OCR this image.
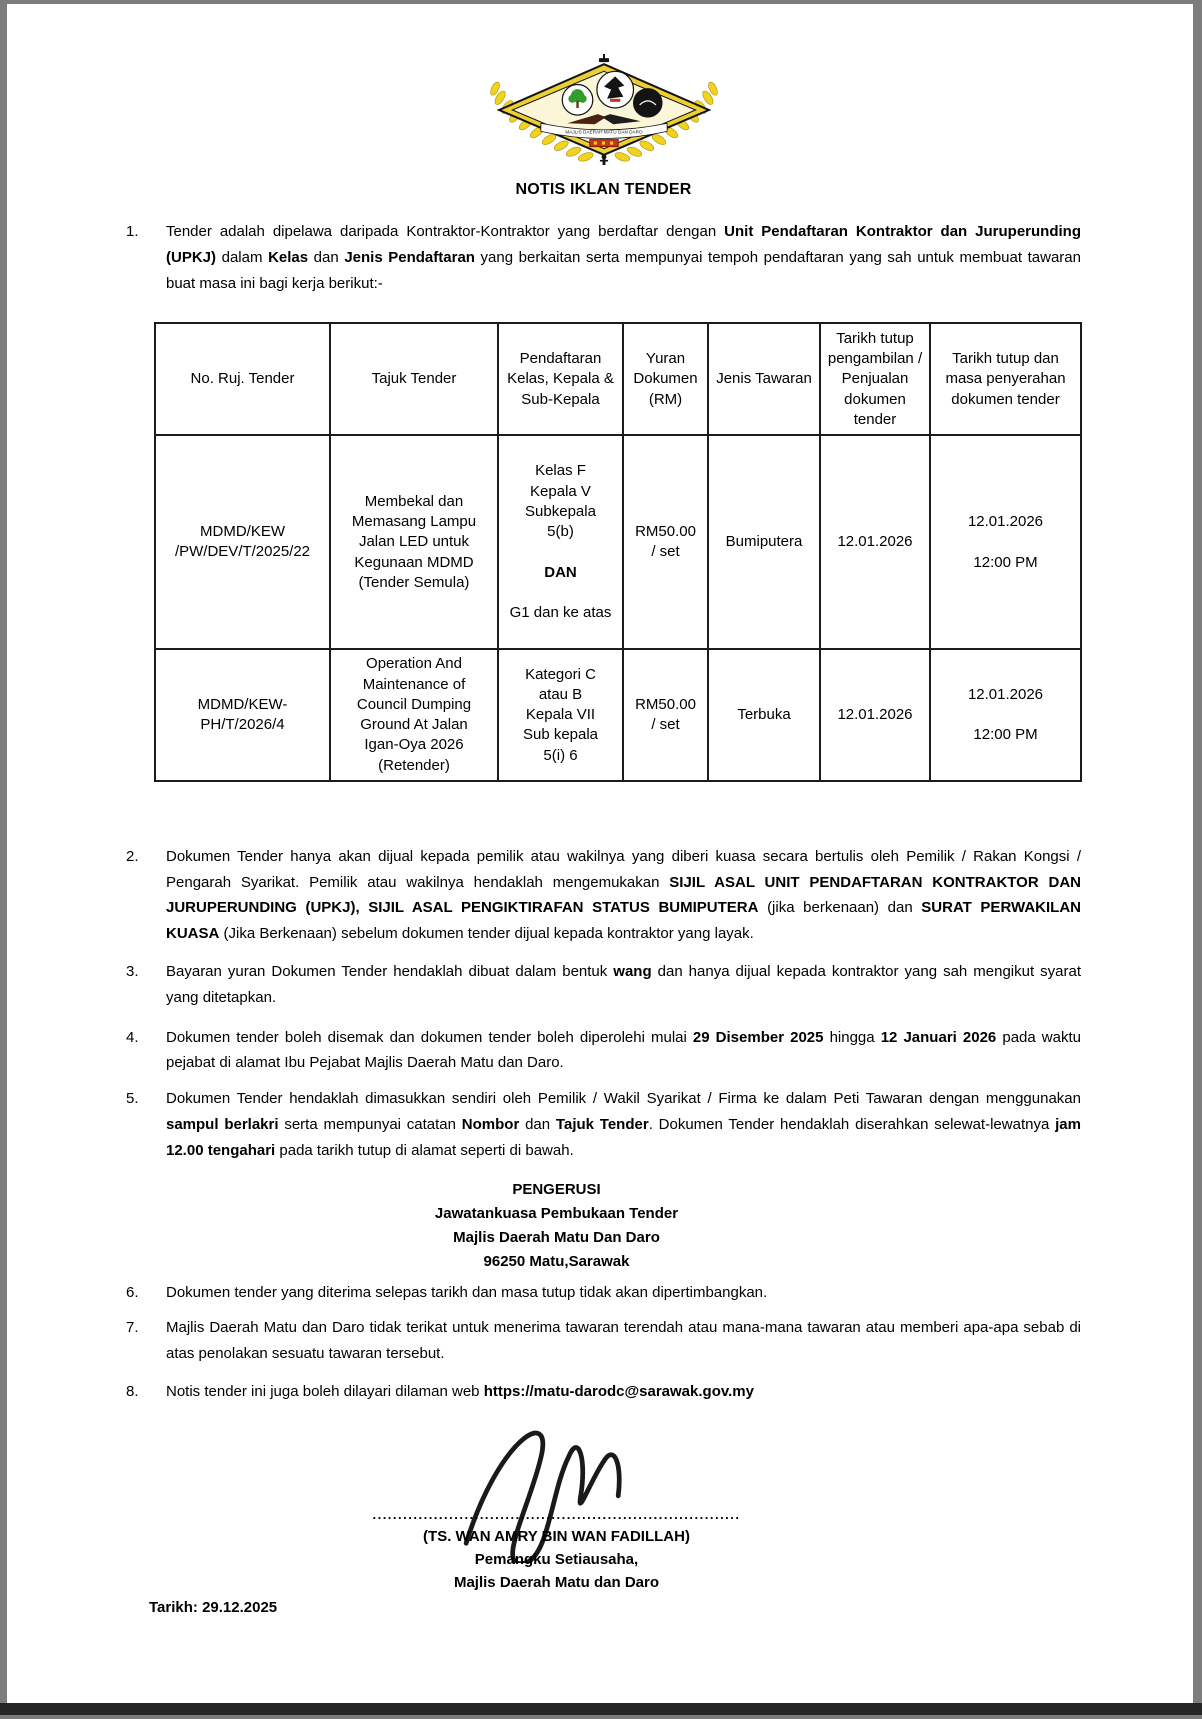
MAJLIS DAERAH MATU DAN DARO
NOTIS IKLAN TENDER
1.	Tender adalah dipelawa daripada Kontraktor-Kontraktor yang berdaftar dengan Unit Pendaftaran Kontraktor dan Juruperunding (UPKJ) dalam Kelas dan Jenis Pendaftaran yang berkaitan serta mempunyai tempoh pendaftaran yang sah untuk membuat tawaran buat masa ini bagi kerja berikut:-
No. Ruj. Tender	Tajuk Tender	Pendaftaran Kelas, Kepala & Sub-Kepala	Yuran Dokumen (RM)	Jenis Tawaran	Tarikh tutup pengambilan / Penjualan dokumen tender	Tarikh tutup dan masa penyerahan dokumen tender
MDMD/KEW
/PW/DEV/T/2025/22	Membekal dan
Memasang Lampu
Jalan LED untuk
Kegunaan MDMD
(Tender Semula)	Kelas F
Kepala V
Subkepala
5(b)

DAN

G1 dan ke atas	RM50.00
/ set	Bumiputera	12.01.2026	12.01.2026

12:00 PM
MDMD/KEW-
PH/T/2026/4	Operation And
Maintenance of
Council Dumping
Ground At Jalan
Igan-Oya 2026
(Retender)	Kategori C
atau B
Kepala VII
Sub kepala
5(i) 6	RM50.00
/ set	Terbuka	12.01.2026	12.01.2026

12:00 PM
2.	Dokumen Tender hanya akan dijual kepada pemilik atau wakilnya yang diberi kuasa secara bertulis oleh Pemilik / Rakan Kongsi / Pengarah Syarikat. Pemilik atau wakilnya hendaklah mengemukakan SIJIL ASAL UNIT PENDAFTARAN KONTRAKTOR DAN JURUPERUNDING (UPKJ), SIJIL ASAL PENGIKTIRAFAN STATUS BUMIPUTERA (jika berkenaan) dan SURAT PERWAKILAN KUASA (Jika Berkenaan) sebelum dokumen tender dijual kepada kontraktor yang layak.
3.	Bayaran yuran Dokumen Tender hendaklah dibuat dalam bentuk wang dan hanya dijual kepada kontraktor yang sah mengikut syarat yang ditetapkan.
4.	Dokumen tender boleh disemak dan dokumen tender boleh diperolehi mulai 29 Disember 2025 hingga 12 Januari 2026 pada waktu pejabat di alamat Ibu Pejabat Majlis Daerah Matu dan Daro.
5.	Dokumen Tender hendaklah dimasukkan sendiri oleh Pemilik / Wakil Syarikat / Firma ke dalam Peti Tawaran dengan menggunakan sampul berlakri serta mempunyai catatan Nombor dan Tajuk Tender. Dokumen Tender hendaklah diserahkan selewat-lewatnya jam 12.00 tengahari pada tarikh tutup di alamat seperti di bawah.
PENGERUSI
Jawatankuasa Pembukaan Tender
Majlis Daerah Matu Dan Daro
96250 Matu,Sarawak
6.	Dokumen tender yang diterima selepas tarikh dan masa tutup tidak akan dipertimbangkan.
7.	Majlis Daerah Matu dan Daro tidak terikat untuk menerima tawaran terendah atau mana-mana tawaran atau memberi apa-apa sebab di atas penolakan sesuatu tawaran tersebut.
8.	Notis tender ini juga boleh dilayari dilaman web https://matu-darodc@sarawak.gov.my
........................................................................
(TS. WAN AMRY BIN WAN FADILLAH)
Pemangku Setiausaha,
Majlis Daerah Matu dan Daro
Tarikh: 29.12.2025
